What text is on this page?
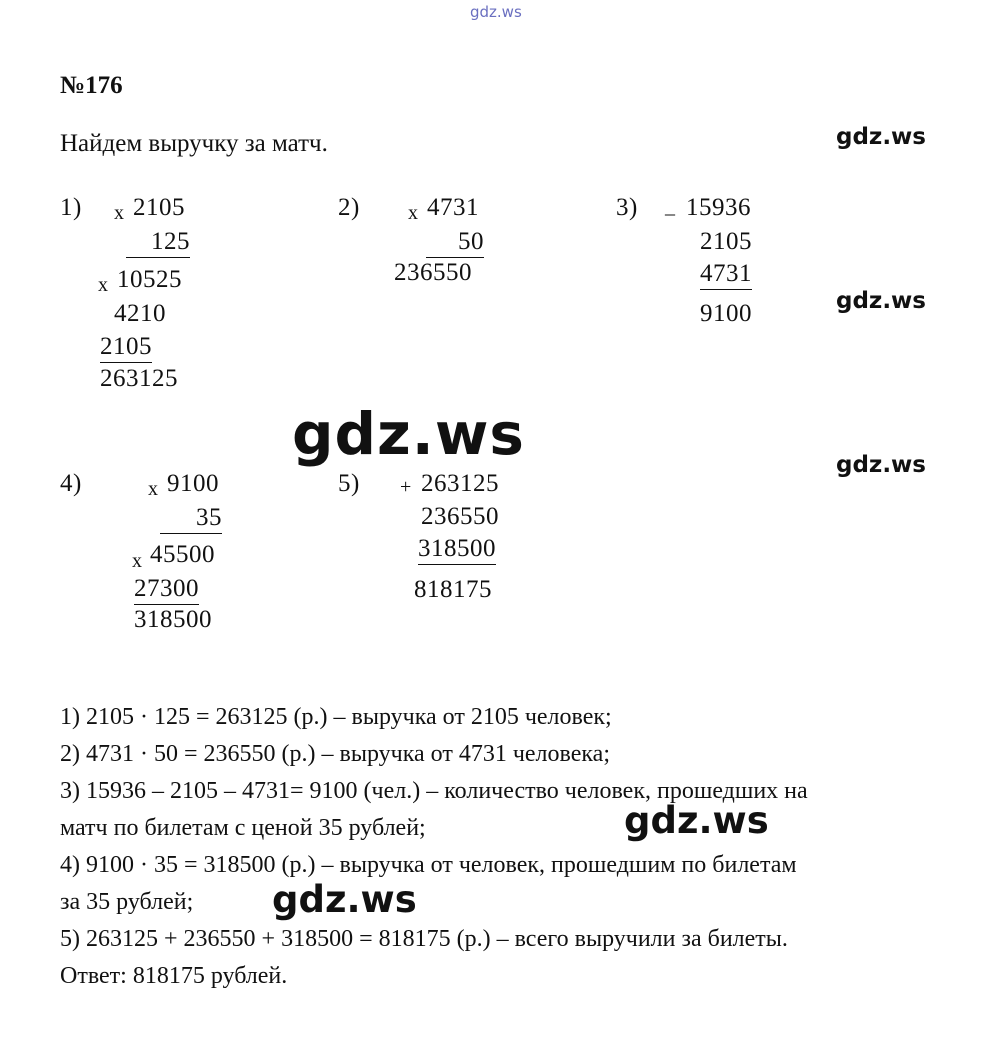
gdz.ws
gdz.ws
gdz.ws
gdz.ws
gdz.ws
gdz.ws
gdz.ws
№176
Найдем выручку за матч.
1) x 2105
125
x 10525
4210
2105
263125
2) x 4731
50
236550
3) _ 15936
2105
4731
9100
4)	x 9100
35
x 45500
27300
318500
5) + 263125
236550
318500
818175
1) 2105 · 125 = 263125 (р.) – выручка от 2105 человек;
2) 4731 · 50 = 236550 (р.) – выручка от 4731 человека;
3) 15936 – 2105 – 4731= 9100 (чел.) – количество человек, прошедших на
матч по билетам с ценой 35 рублей;
4) 9100 · 35 = 318500 (р.) – выручка от человек, прошедшим по билетам
за 35 рублей;
5) 263125 + 236550 + 318500 = 818175 (р.) – всего выручили за билеты.
Ответ: 818175 рублей.
